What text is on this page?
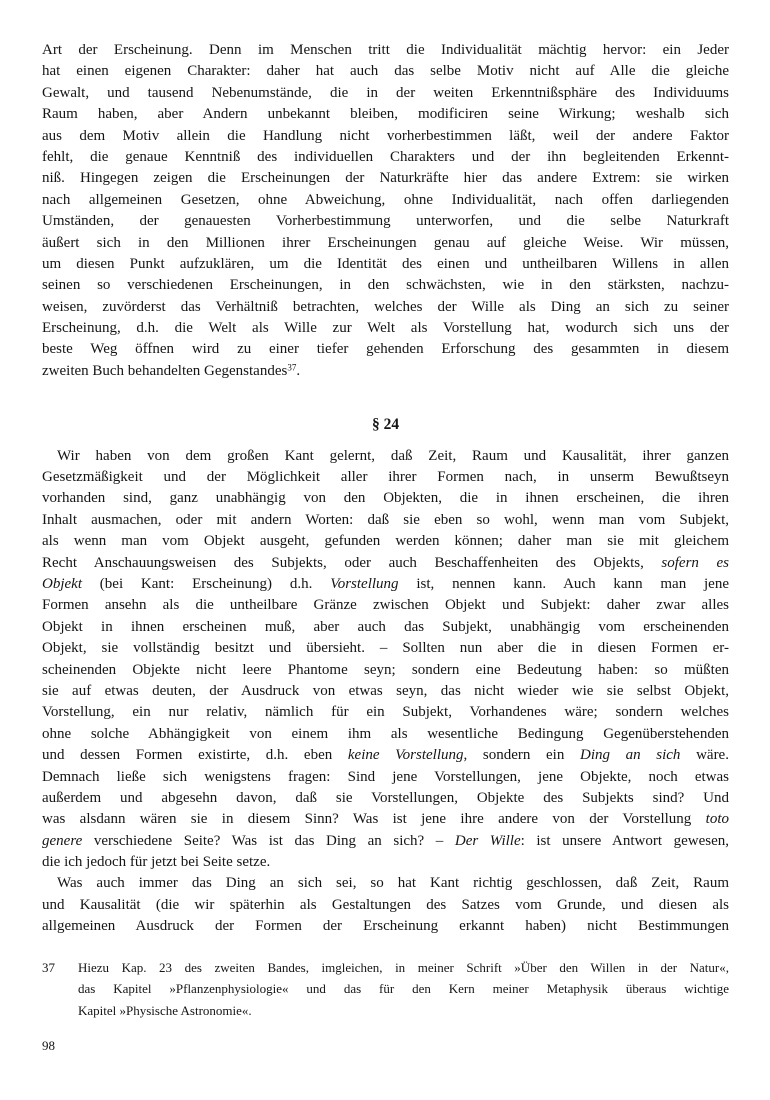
Art der Erscheinung. Denn im Menschen tritt die Individualität mächtig hervor: ein Jeder
hat einen eigenen Charakter: daher hat auch das selbe Motiv nicht auf Alle die gleiche
Gewalt, und tausend Nebenumstände, die in der weiten Erkenntnißsphäre des Individuums
Raum haben, aber Andern unbekannt bleiben, modificiren seine Wirkung; weshalb sich
aus dem Motiv allein die Handlung nicht vorherbestimmen läßt, weil der andere Faktor
fehlt, die genaue Kenntniß des individuellen Charakters und der ihn begleitenden Erkennt-
niß. Hingegen zeigen die Erscheinungen der Naturkräfte hier das andere Extrem: sie wirken
nach allgemeinen Gesetzen, ohne Abweichung, ohne Individualität, nach offen darliegenden
Umständen, der genauesten Vorherbestimmung unterworfen, und die selbe Naturkraft
äußert sich in den Millionen ihrer Erscheinungen genau auf gleiche Weise. Wir müssen,
um diesen Punkt aufzuklären, um die Identität des einen und untheilbaren Willens in allen
seinen so verschiedenen Erscheinungen, in den schwächsten, wie in den stärksten, nachzu-
weisen, zuvörderst das Verhältniß betrachten, welches der Wille als Ding an sich zu seiner
Erscheinung, d.h. die Welt als Wille zur Welt als Vorstellung hat, wodurch sich uns der
beste Weg öffnen wird zu einer tiefer gehenden Erforschung des gesammten in diesem
zweiten Buch behandelten Gegenstandes$^{37}$.
§ 24
Wir haben von dem großen Kant gelernt, daß Zeit, Raum und Kausalität, ihrer ganzen
Gesetzmäßigkeit und der Möglichkeit aller ihrer Formen nach, in unserm Bewußtseyn
vorhanden sind, ganz unabhängig von den Objekten, die in ihnen erscheinen, die ihren
Inhalt ausmachen, oder mit andern Worten: daß sie eben so wohl, wenn man vom Subjekt,
als wenn man vom Objekt ausgeht, gefunden werden können; daher man sie mit gleichem
Recht Anschauungsweisen des Subjekts, oder auch Beschaffenheiten des Objekts, sofern es
Objekt (bei Kant: Erscheinung) d.h. Vorstellung ist, nennen kann. Auch kann man jene
Formen ansehn als die untheilbare Gränze zwischen Objekt und Subjekt: daher zwar alles
Objekt in ihnen erscheinen muß, aber auch das Subjekt, unabhängig vom erscheinenden
Objekt, sie vollständig besitzt und übersieht. – Sollten nun aber die in diesen Formen er-
scheinenden Objekte nicht leere Phantome seyn; sondern eine Bedeutung haben: so müßten
sie auf etwas deuten, der Ausdruck von etwas seyn, das nicht wieder wie sie selbst Objekt,
Vorstellung, ein nur relativ, nämlich für ein Subjekt, Vorhandenes wäre; sondern welches
ohne solche Abhängigkeit von einem ihm als wesentliche Bedingung Gegenüberstehenden
und dessen Formen existirte, d.h. eben keine Vorstellung, sondern ein Ding an sich wäre.
Demnach ließe sich wenigstens fragen: Sind jene Vorstellungen, jene Objekte, noch etwas
außerdem und abgesehn davon, daß sie Vorstellungen, Objekte des Subjekts sind? Und
was alsdann wären sie in diesem Sinn? Was ist jene ihre andere von der Vorstellung toto
genere verschiedene Seite? Was ist das Ding an sich? – Der Wille: ist unsere Antwort gewesen,
die ich jedoch für jetzt bei Seite setze.
Was auch immer das Ding an sich sei, so hat Kant richtig geschlossen, daß Zeit, Raum
und Kausalität (die wir späterhin als Gestaltungen des Satzes vom Grunde, und diesen als
allgemeinen Ausdruck der Formen der Erscheinung erkannt haben) nicht Bestimmungen
37	Hiezu Kap. 23 des zweiten Bandes, imgleichen, in meiner Schrift »Über den Willen in der Natur«,
das Kapitel »Pflanzenphysiologie« und das für den Kern meiner Metaphysik überaus wichtige
Kapitel »Physische Astronomie«.
98
